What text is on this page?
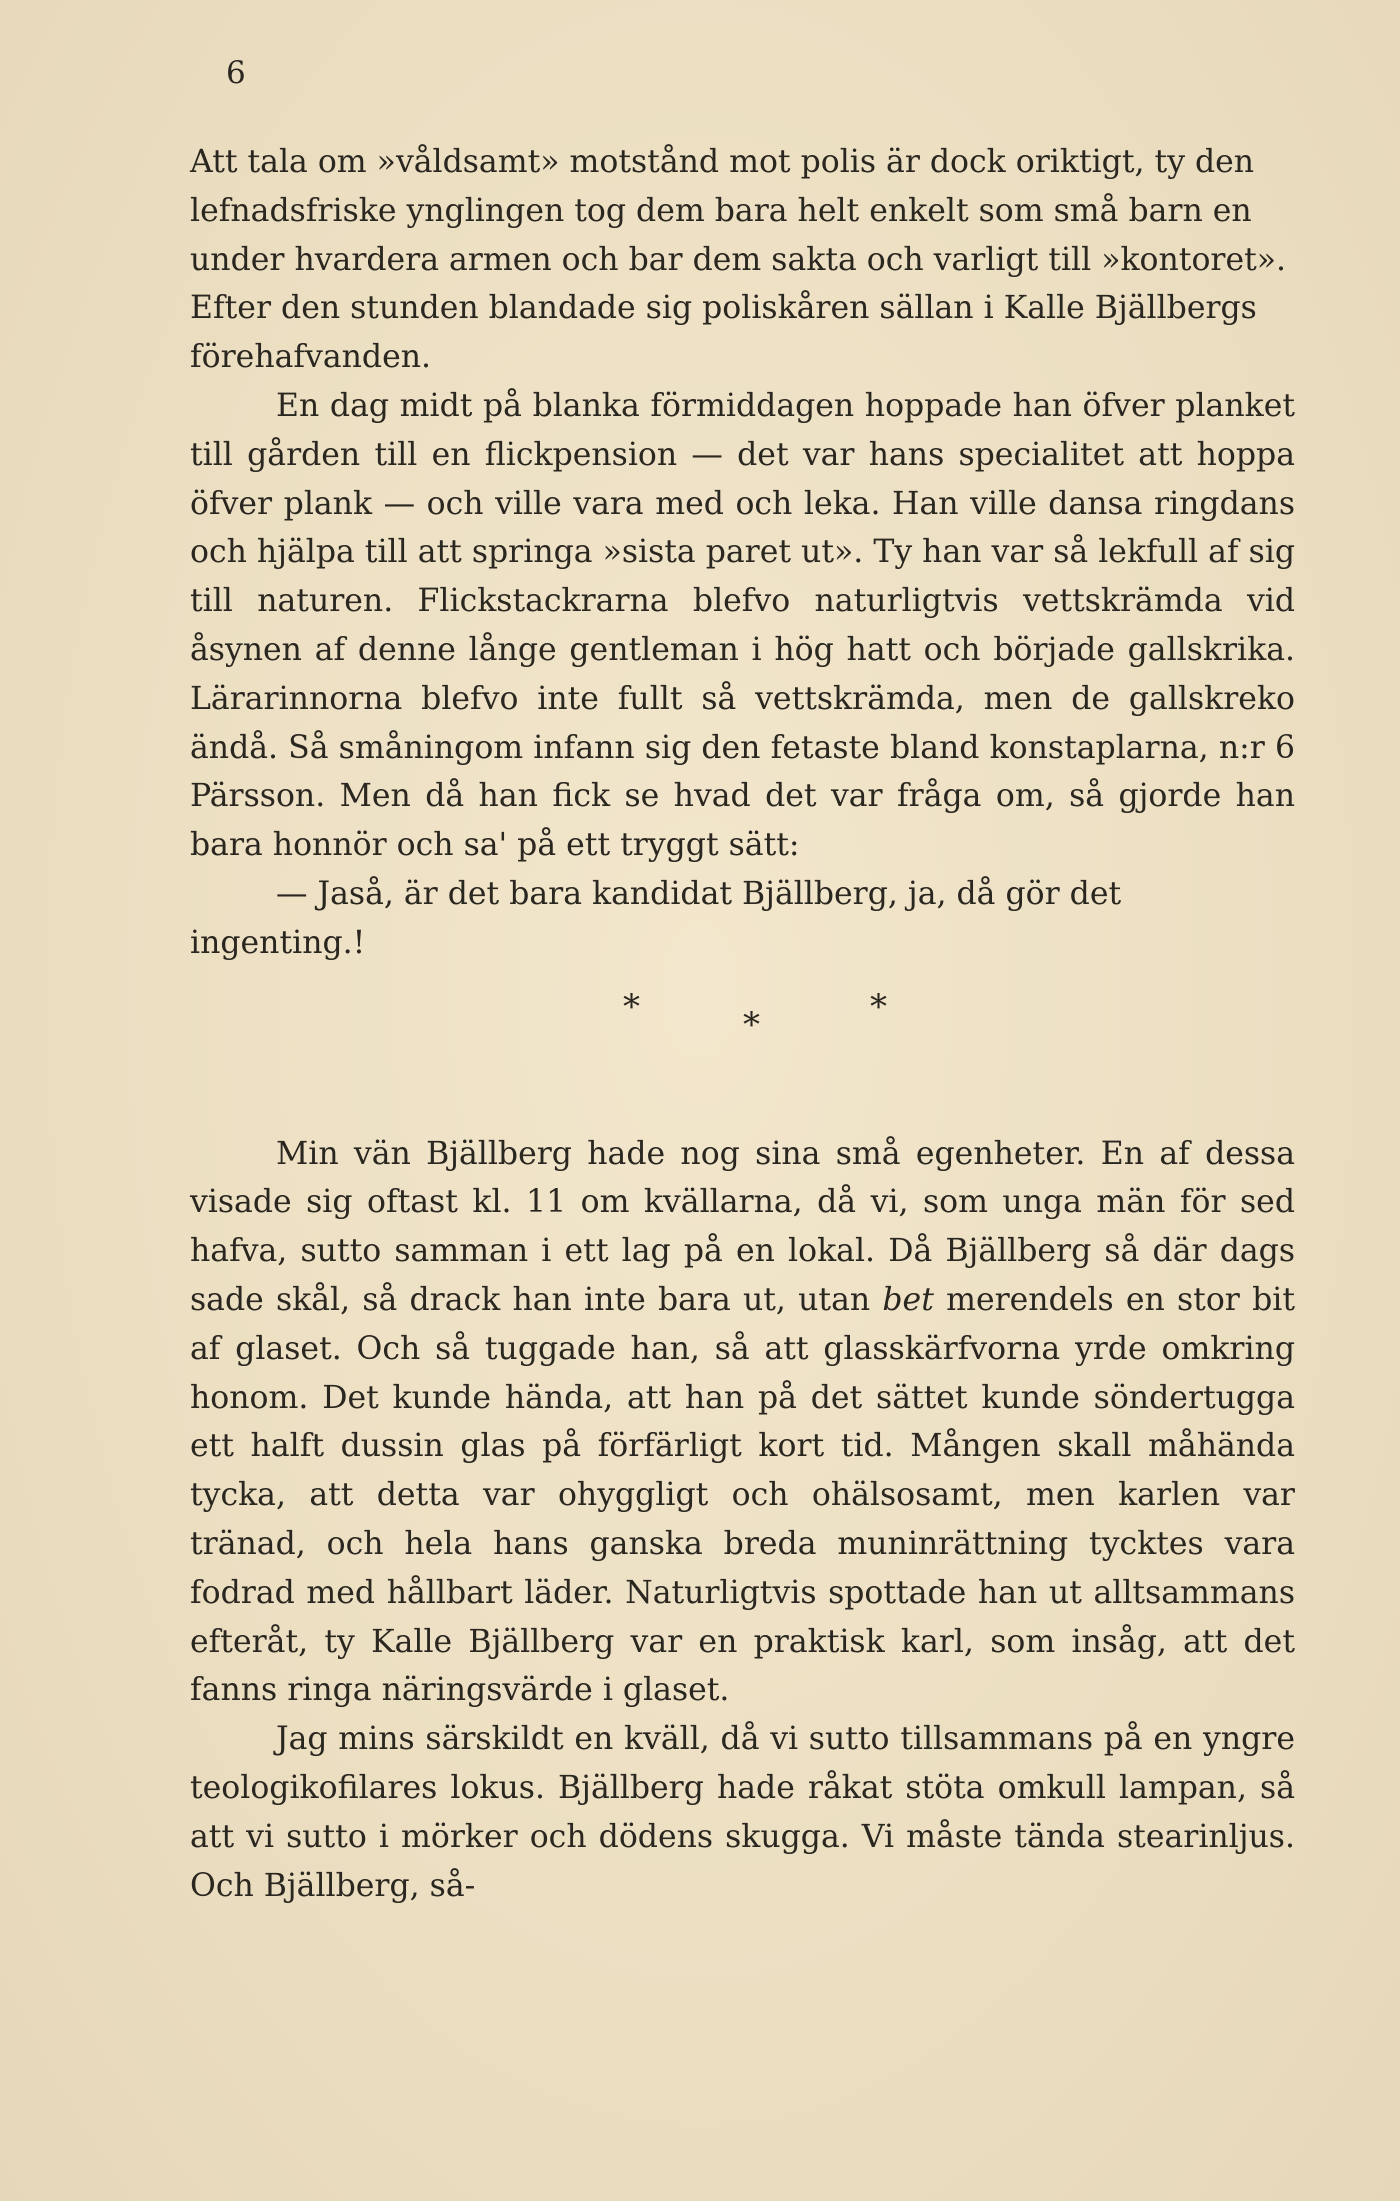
6

Att tala om »våldsamt» motstånd mot polis är dock oriktigt, ty den lefnadsfriske ynglingen tog dem bara helt enkelt som små barn en under hvardera armen och bar dem sakta och varligt till »kontoret». Efter den stunden blandade sig poliskåren sällan i Kalle Bjällbergs förehafvanden.

En dag midt på blanka förmiddagen hoppade han öfver planket till gården till en flickpension — det var hans specialitet att hoppa öfver plank — och ville vara med och leka. Han ville dansa ringdans och hjälpa till att springa »sista paret ut». Ty han var så lekfull af sig till naturen. Flickstackrarna blefvo naturligtvis vettskrämda vid åsynen af denne långe gentleman i hög hatt och började gallskrika. Lärarinnorna blefvo inte fullt så vettskrämda, men de gallskreko ändå. Så småningom infann sig den fetaste bland konstaplarna, n:r 6 Pärsson. Men då han fick se hvad det var fråga om, så gjorde han bara honnör och sa' på ett tryggt sätt:

— Jaså, är det bara kandidat Bjällberg, ja, då gör det ingenting.!

*	*	*

Min vän Bjällberg hade nog sina små egenheter. En af dessa visade sig oftast kl. 11 om kvällarna, då vi, som unga män för sed hafva, sutto samman i ett lag på en lokal. Då Bjällberg så där dags sade skål, så drack han inte bara ut, utan bet merendels en stor bit af glaset. Och så tuggade han, så att glasskärfvorna yrde omkring honom. Det kunde hända, att han på det sättet kunde söndertugga ett halft dussin glas på förfärligt kort tid. Mången skall måhända tycka, att detta var ohyggligt och ohälsosamt, men karlen var tränad, och hela hans ganska breda muninrättning tycktes vara fodrad med hållbart läder. Naturligtvis spottade han ut alltsammans efteråt, ty Kalle Bjällberg var en praktisk karl, som insåg, att det fanns ringa näringsvärde i glaset.

Jag mins särskildt en kväll, då vi sutto tillsammans på en yngre teologikofilares lokus. Bjällberg hade råkat stöta omkull lampan, så att vi sutto i mörker och dödens skugga. Vi måste tända stearinljus. Och Bjällberg, så-
